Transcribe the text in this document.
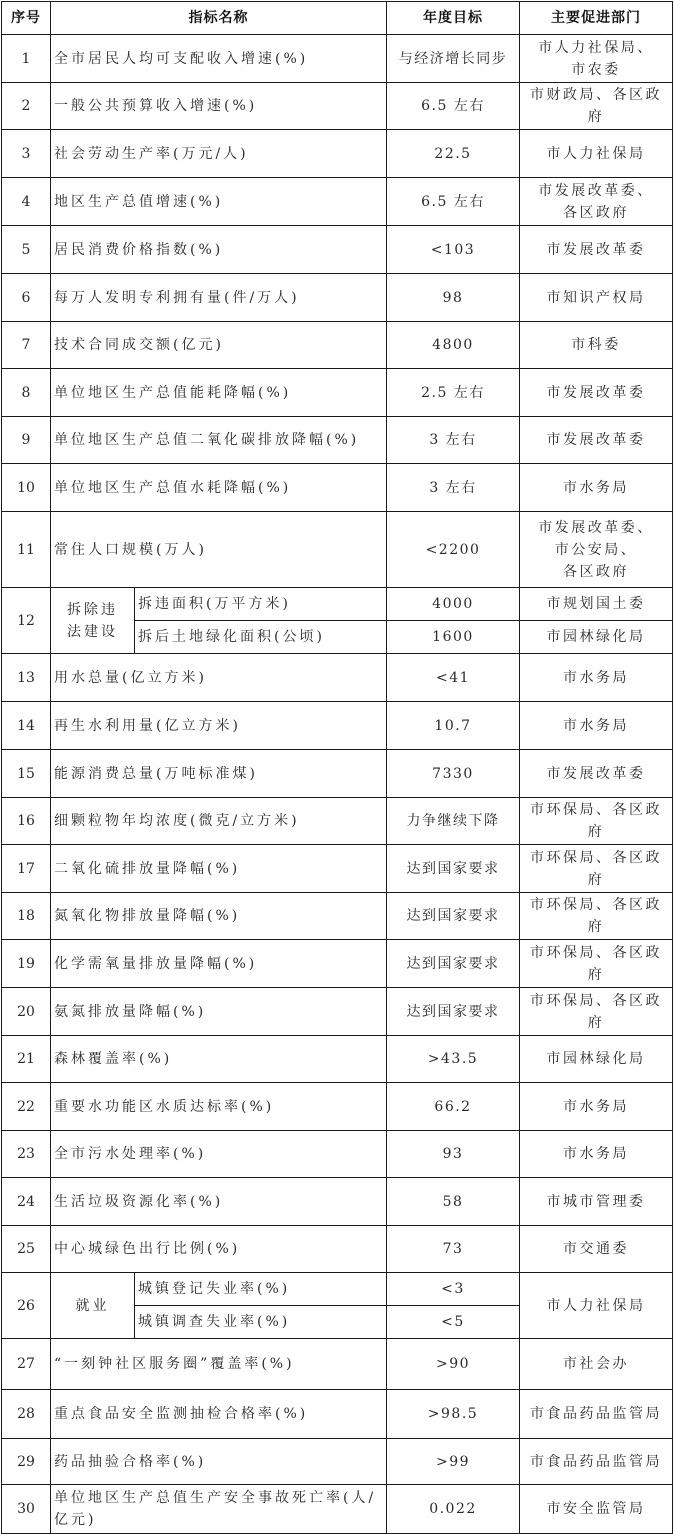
序号	指标名称		年度目标	主要促进部门
1	全市居民人均可支配收入增速(%)		与经济增长同步	市人力社保局、
市农委

2	一般公共预算收入增速(%)		6.5 左右	市财政局、各区政府

3	社会劳动生产率(万元/人)		22.5	市人力社保局

4	地区生产总值增速(%)		6.5 左右	市发展改革委、
各区政府

5	居民消费价格指数(%)		<103	市发展改革委

6	每万人发明专利拥有量(件/万人)		98	市知识产权局

7	技术合同成交额(亿元)		4800	市科委

8	单位地区生产总值能耗降幅(%)		2.5 左右	市发展改革委

9	单位地区生产总值二氧化碳排放降幅(%)		3 左右	市发展改革委

10	单位地区生产总值水耗降幅(%)		3 左右	市水务局

11	常住人口规模(万人)		<2200	市发展改革委、
市公安局、
各区政府

12	拆除违法建设	拆违面积(万平方米)	4000	市规划国土委
		拆后土地绿化面积(公顷)	1600	市园林绿化局
13	用水总量(亿立方米)		<41	市水务局

14	再生水利用量(亿立方米)		10.7	市水务局

15	能源消费总量(万吨标准煤)		7330	市发展改革委

16	细颗粒物年均浓度(微克/立方米)		力争继续下降	市环保局、各区政府

17	二氧化硫排放量降幅(%)		达到国家要求	市环保局、各区政府

18	氮氧化物排放量降幅(%)		达到国家要求	市环保局、各区政府

19	化学需氧量排放量降幅(%)		达到国家要求	市环保局、各区政府

20	氨氮排放量降幅(%)		达到国家要求	市环保局、各区政府

21	森林覆盖率(%)		>43.5	市园林绿化局

22	重要水功能区水质达标率(%)		66.2	市水务局

23	全市污水处理率(%)		93	市水务局

24	生活垃圾资源化率(%)		58	市城市管理委

25	中心城绿色出行比例(%)		73	市交通委

26	就业	城镇登记失业率(%)	<3	市人力社保局
		城镇调查失业率(%)	<5	
27	“一刻钟社区服务圈”覆盖率(%)		>90	市社会办

28	重点食品安全监测抽检合格率(%)		>98.5	市食品药品监管局

29	药品抽验合格率(%)		>99	市食品药品监管局

30	单位地区生产总值生产安全事故死亡率(人/亿元)		0.022	市安全监管局
